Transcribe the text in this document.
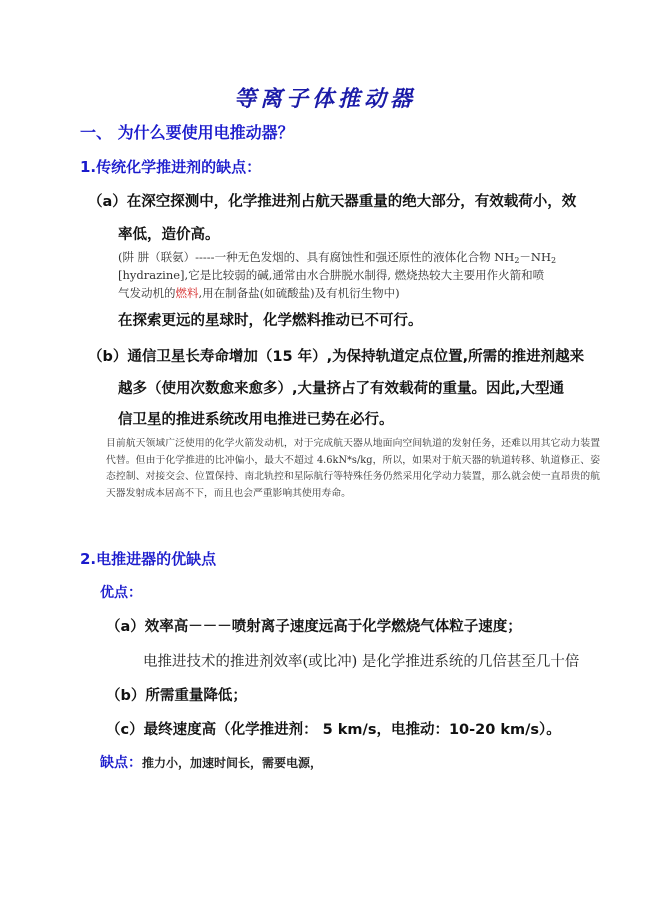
等离子体推动器
一、 为什么要使用电推动器？
1.传统化学推进剂的缺点：
（a）在深空探测中，化学推进剂占航天器重量的绝大部分，有效载荷小，效
率低，造价高。
(阱 肼（联氨）-----一种无色发烟的、具有腐蚀性和强还原性的液体化合物 $NH_2-NH_2$
[hydrazine],它是比较弱的碱,通常由水合肼脱水制得, 燃烧热较大主要用作火箭和喷
气发动机的燃料,用在制备盐(如硫酸盐)及有机衍生物中)
在探索更远的星球时，化学燃料推动已不可行。
（b）通信卫星长寿命增加（15 年）,为保持轨道定点位置,所需的推进剂越来
越多（使用次数愈来愈多）,大量挤占了有效载荷的重量。因此,大型通
信卫星的推进系统改用电推进已势在必行。
目前航天领域广泛使用的化学火箭发动机，对于完成航天器从地面向空间轨道的发射任务，还难以用其它动力装置代替。但由于化学推进的比冲偏小，最大不超过 4.6kN*s/kg，所以，如果对于航天器的轨道转移、轨道修正、姿态控制、对接交会、位置保持、南北轨控和星际航行等特殊任务仍然采用化学动力装置，那么就会使一直昂贵的航天器发射成本居高不下，而且也会严重影响其使用寿命。
2.电推进器的优缺点
优点：
（a）效率高－－－喷射离子速度远高于化学燃烧气体粒子速度；
电推进技术的推进剂效率(或比冲) 是化学推进系统的几倍甚至几十倍
（b）所需重量降低；
（c）最终速度高（化学推进剂： 5 km/s，电推动：10-20 km/s）。
缺点：推力小，加速时间长，需要电源，
